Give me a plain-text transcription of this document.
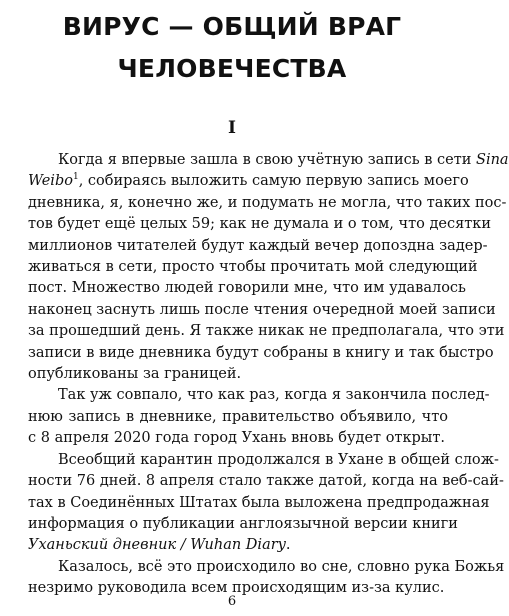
ВИРУС — ОБЩИЙ ВРАГ
ЧЕЛОВЕЧЕСТВА
I

Когда я впервые зашла в свою учётную запись в сети Sina
Weibo$^1$, собираясь выложить самую первую запись моего
дневника, я, конечно же, и подумать не могла, что таких пос-
тов будет ещё целых 59; как не думала и о том, что десятки
миллионов читателей будут каждый вечер допоздна задер-
живаться в сети, просто чтобы прочитать мой следующий
пост. Множество людей говорили мне, что им удавалось
наконец заснуть лишь после чтения очередной моей записи
за прошедший день. Я также никак не предполагала, что эти
записи в виде дневника будут собраны в книгу и так быстро
опубликованы за границей.

Так уж совпало, что как раз, когда я закончила послед-
нюю запись в дневнике, правительство объявило, что
с 8 апреля 2020 года город Ухань вновь будет открыт.

Всеобщий карантин продолжался в Ухане в общей слож-
ности 76 дней. 8 апреля стало также датой, когда на веб-сай-
тах в Соединённых Штатах была выложена предпродажная
информация о публикации англоязычной версии книги
Уханьский дневник / Wuhan Diary.

Казалось, всё это происходило во сне, словно рука Божья
незримо руководила всем происходящим из-за кулис.

6
